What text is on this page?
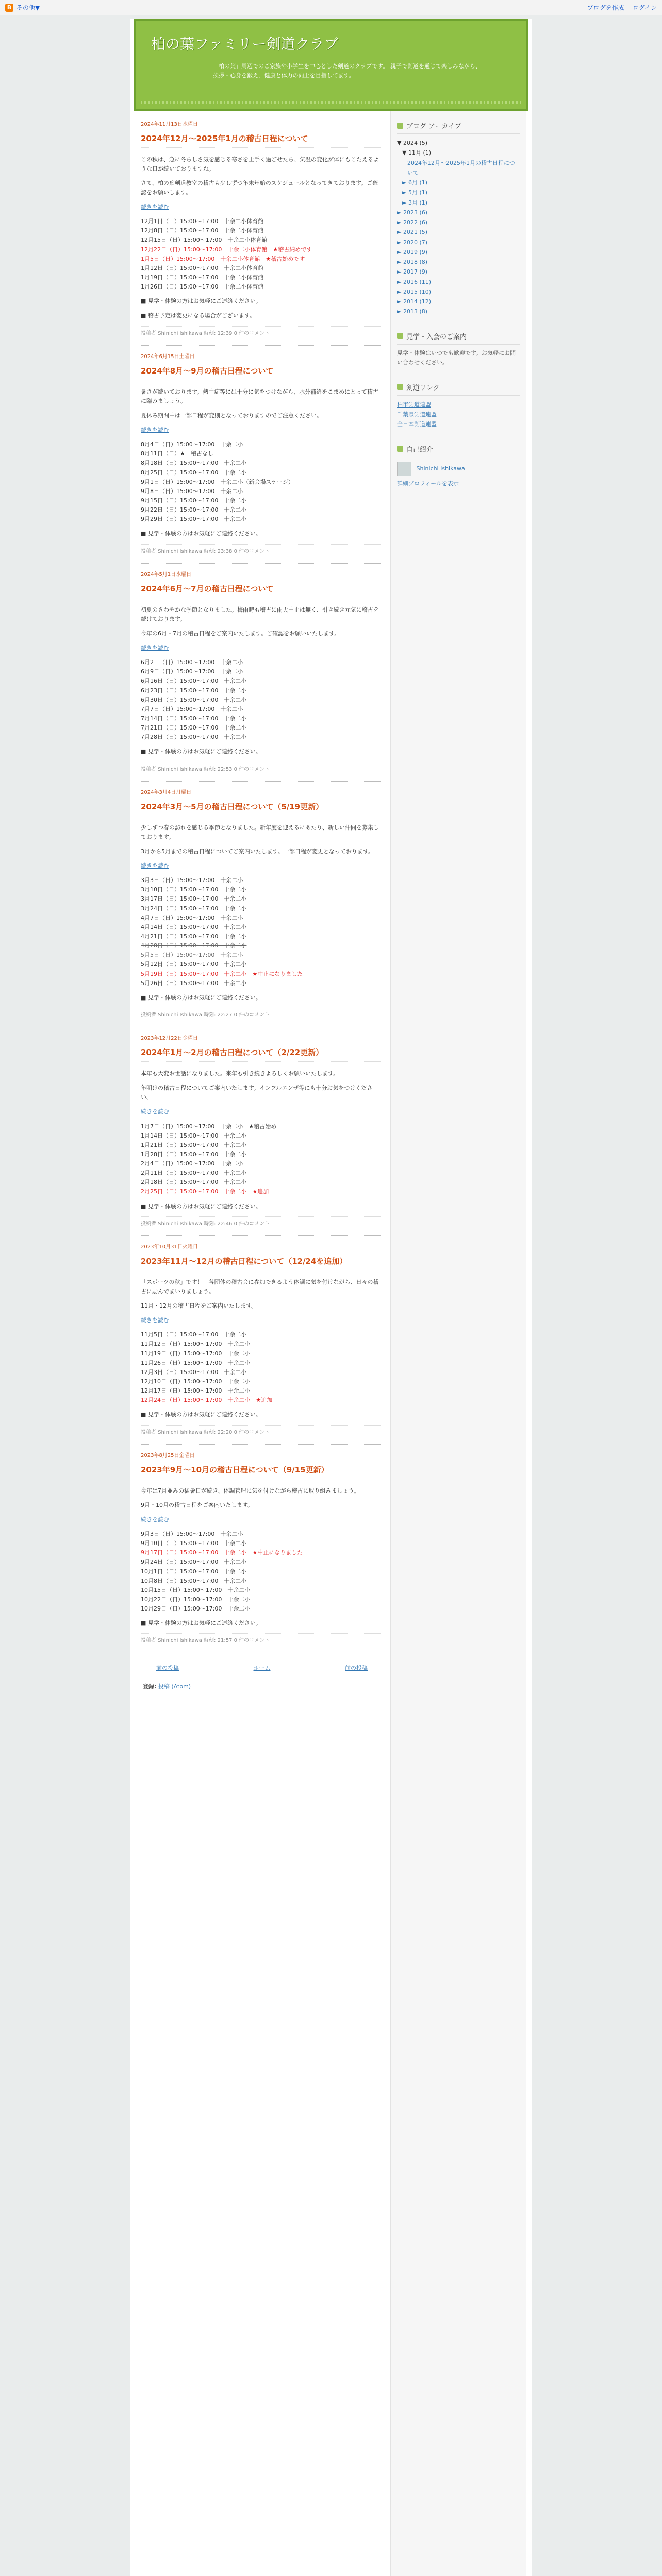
B その他▼	ブログを作成 ログイン
柏の葉ファミリー剣道クラブ
「柏の葉」周辺でのご家族や小学生を中心とした剣道のクラブです。 親子で剣道を通じて楽しみながら、挨拶・心身を鍛え、健康と体力の向上を目指してます。
2024年11月13日水曜日
2024年12月〜2025年1月の稽古日程について

この秋は、急に冬らしさ気を感じる寒さを上手く過ごせたら、気温の変化が体にもこたえるような日が続いておりますね。

さて、柏の葉剣道教室の稽古も少しずつ年末年始のスケジュールとなってきております。ご確認をお願いします。

続きを読む

12月1日（日）15:00〜17:00　十余二小体育館
12月8日（日）15:00〜17:00　十余二小体育館
12月15日（日）15:00〜17:00　十余二小体育館
12月22日（日）15:00〜17:00　十余二小体育館　★稽古納めです
1月5日（日）15:00〜17:00　十余二小体育館　★稽古始めです
1月12日（日）15:00〜17:00　十余二小体育館
1月19日（日）15:00〜17:00　十余二小体育館
1月26日（日）15:00〜17:00　十余二小体育館

■ 見学・体験の方はお気軽にご連絡ください。

■ 稽古予定は変更になる場合がございます。

投稿者 Shinichi Ishikawa 時刻: 12:39 0 件のコメント
2024年6月15日土曜日
2024年8月〜9月の稽古日程について

暑さが続いております。熱中症等には十分に気をつけながら、水分補給をこまめにとって稽古に臨みましょう。

夏休み期間中は一部日程が変則となっておりますのでご注意ください。

続きを読む

8月4日（日）15:00〜17:00　十余二小
8月11日（日）★　稽古なし
8月18日（日）15:00〜17:00　十余二小
8月25日（日）15:00〜17:00　十余二小
9月1日（日）15:00〜17:00　十余二小（新会場ステージ）
9月8日（日）15:00〜17:00　十余二小
9月15日（日）15:00〜17:00　十余二小
9月22日（日）15:00〜17:00　十余二小
9月29日（日）15:00〜17:00　十余二小

■ 見学・体験の方はお気軽にご連絡ください。

投稿者 Shinichi Ishikawa 時刻: 23:38 0 件のコメント
2024年5月1日水曜日
2024年6月〜7月の稽古日程について

初夏のさわやかな季節となりました。梅雨時も稽古に雨天中止は無く、引き続き元気に稽古を続けております。

今年の6月・7月の稽古日程をご案内いたします。ご確認をお願いいたします。

続きを読む

6月2日（日）15:00〜17:00　十余二小
6月9日（日）15:00〜17:00　十余二小
6月16日（日）15:00〜17:00　十余二小
6月23日（日）15:00〜17:00　十余二小
6月30日（日）15:00〜17:00　十余二小
7月7日（日）15:00〜17:00　十余二小
7月14日（日）15:00〜17:00　十余二小
7月21日（日）15:00〜17:00　十余二小
7月28日（日）15:00〜17:00　十余二小

■ 見学・体験の方はお気軽にご連絡ください。

投稿者 Shinichi Ishikawa 時刻: 22:53 0 件のコメント
2024年3月4日月曜日
2024年3月〜5月の稽古日程について（5/19更新）

少しずつ春の訪れを感じる季節となりました。新年度を迎えるにあたり、新しい仲間を募集しております。

3月から5月までの稽古日程についてご案内いたします。一部日程が変更となっております。

続きを読む

3月3日（日）15:00〜17:00　十余二小
3月10日（日）15:00〜17:00　十余二小
3月17日（日）15:00〜17:00　十余二小
3月24日（日）15:00〜17:00　十余二小
4月7日（日）15:00〜17:00　十余二小
4月14日（日）15:00〜17:00　十余二小
4月21日（日）15:00〜17:00　十余二小
4月28日（日）15:00〜17:00　十余二小
5月5日（日）15:00〜17:00　十余二小
5月12日（日）15:00〜17:00　十余二小
5月19日（日）15:00〜17:00　十余二小　★中止になりました
5月26日（日）15:00〜17:00　十余二小

■ 見学・体験の方はお気軽にご連絡ください。

投稿者 Shinichi Ishikawa 時刻: 22:27 0 件のコメント
2023年12月22日金曜日
2024年1月〜2月の稽古日程について（2/22更新）

本年も大変お世話になりました。来年も引き続きよろしくお願いいたします。

年明けの稽古日程についてご案内いたします。インフルエンザ等にも十分お気をつけください。

続きを読む

1月7日（日）15:00〜17:00　十余二小　★稽古始め
1月14日（日）15:00〜17:00　十余二小
1月21日（日）15:00〜17:00　十余二小
1月28日（日）15:00〜17:00　十余二小
2月4日（日）15:00〜17:00　十余二小
2月11日（日）15:00〜17:00　十余二小
2月18日（日）15:00〜17:00　十余二小
2月25日（日）15:00〜17:00　十余二小　★追加

■ 見学・体験の方はお気軽にご連絡ください。

投稿者 Shinichi Ishikawa 時刻: 22:46 0 件のコメント
2023年10月31日火曜日
2023年11月〜12月の稽古日程について（12/24を追加）

「スポーツの秋」です！　各団体の稽古会に参加できるよう体調に気を付けながら、日々の稽古に励んでまいりましょう。

11月・12月の稽古日程をご案内いたします。

続きを読む

11月5日（日）15:00〜17:00　十余二小
11月12日（日）15:00〜17:00　十余二小
11月19日（日）15:00〜17:00　十余二小
11月26日（日）15:00〜17:00　十余二小
12月3日（日）15:00〜17:00　十余二小
12月10日（日）15:00〜17:00　十余二小
12月17日（日）15:00〜17:00　十余二小
12月24日（日）15:00〜17:00　十余二小　★追加

■ 見学・体験の方はお気軽にご連絡ください。

投稿者 Shinichi Ishikawa 時刻: 22:20 0 件のコメント
2023年8月25日金曜日
2023年9月〜10月の稽古日程について（9/15更新）

今年は7月並みの猛暑日が続き、体調管理に気を付けながら稽古に取り組みましょう。

9月・10月の稽古日程をご案内いたします。

続きを読む

9月3日（日）15:00〜17:00　十余二小
9月10日（日）15:00〜17:00　十余二小
9月17日（日）15:00〜17:00　十余二小　★中止になりました
9月24日（日）15:00〜17:00　十余二小
10月1日（日）15:00〜17:00　十余二小
10月8日（日）15:00〜17:00　十余二小
10月15日（日）15:00〜17:00　十余二小
10月22日（日）15:00〜17:00　十余二小
10月29日（日）15:00〜17:00　十余二小

■ 見学・体験の方はお気軽にご連絡ください。

投稿者 Shinichi Ishikawa 時刻: 21:57 0 件のコメント
前の投稿	ホーム	前の投稿
登録: 投稿 (Atom)
ブログ アーカイブ
▼ 2024 (5)
▼ 11月 (1)
2024年12月〜2025年1月の稽古日程について
► 6月 (1)
► 5月 (1)
► 3月 (1)
► 2023 (6)
► 2022 (6)
► 2021 (5)
► 2020 (7)
► 2019 (9)
► 2018 (8)
► 2017 (9)
► 2016 (11)
► 2015 (10)
► 2014 (12)
► 2013 (8)
見学・入会のご案内

見学・体験はいつでも歓迎です。お気軽にお問い合わせください。

剣道リンク
柏市剣道連盟
千葉県剣道連盟
全日本剣道連盟
自己紹介
Shinichi Ishikawa
詳細プロフィールを表示
